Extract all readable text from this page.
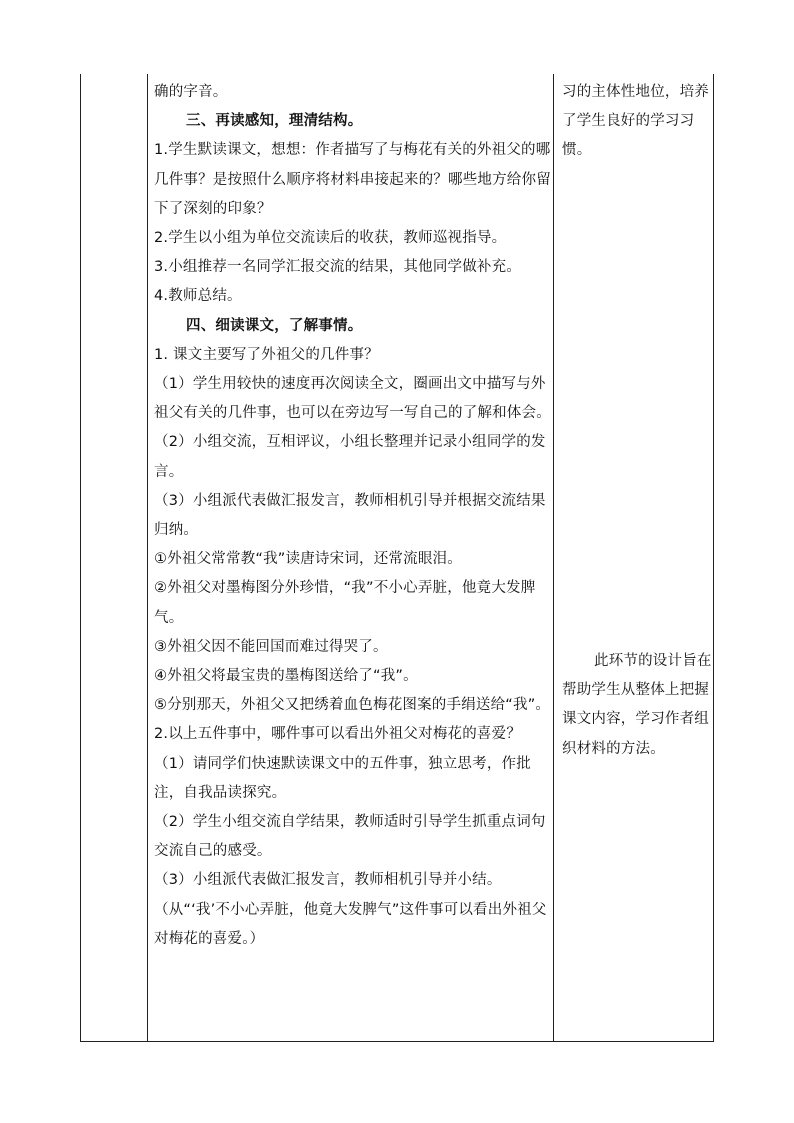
确的字音。

三、再读感知，理清结构。

1.学生默读课文，想想：作者描写了与梅花有关的外祖父的哪几件事？是按照什么顺序将材料串接起来的？哪些地方给你留下了深刻的印象？

2.学生以小组为单位交流读后的收获，教师巡视指导。

3.小组推荐一名同学汇报交流的结果，其他同学做补充。

4.教师总结。

四、细读课文，了解事情。

1. 课文主要写了外祖父的几件事？

（1）学生用较快的速度再次阅读全文，圈画出文中描写与外祖父有关的几件事，也可以在旁边写一写自己的了解和体会。

（2）小组交流，互相评议，小组长整理并记录小组同学的发言。

（3）小组派代表做汇报发言，教师相机引导并根据交流结果归纳。

①外祖父常常教“我”读唐诗宋词，还常流眼泪。

②外祖父对墨梅图分外珍惜，“我”不小心弄脏，他竟大发脾气。

③外祖父因不能回国而难过得哭了。

④外祖父将最宝贵的墨梅图送给了“我”。

⑤分别那天，外祖父又把绣着血色梅花图案的手绢送给“我”。

2.以上五件事中，哪件事可以看出外祖父对梅花的喜爱？

（1）请同学们快速默读课文中的五件事，独立思考，作批注，自我品读探究。

（2）学生小组交流自学结果，教师适时引导学生抓重点词句交流自己的感受。

（3）小组派代表做汇报发言，教师相机引导并小结。（从“‘我’不小心弄脏，他竟大发脾气”这件事可以看出外祖父对梅花的喜爱。）

习的主体性地位，培养了学生良好的学习习惯。

此环节的设计旨在帮助学生从整体上把握课文内容，学习作者组织材料的方法。
